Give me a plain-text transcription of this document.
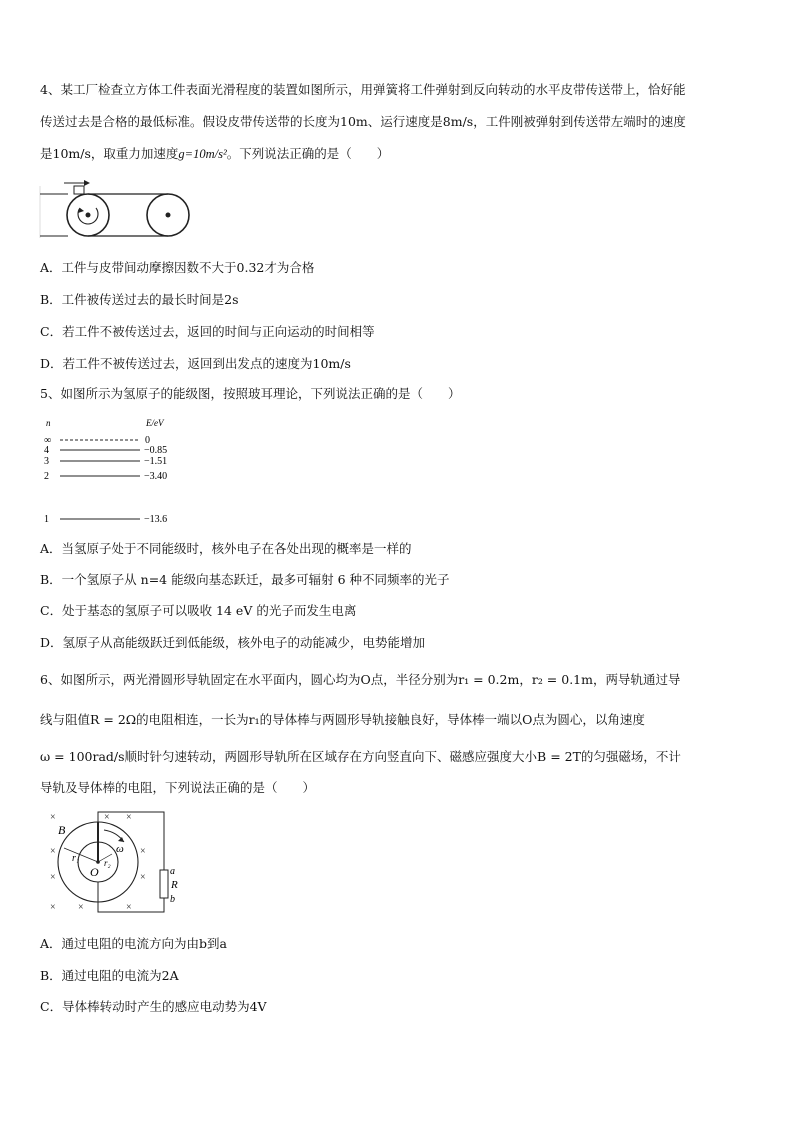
4、某工厂检查立方体工件表面光滑程度的装置如图所示，用弹簧将工件弹射到反向转动的水平皮带传送带上，恰好能
传送过去是合格的最低标准。假设皮带传送带的长度为10m、运行速度是8m/s，工件刚被弹射到传送带左端时的速度
是10m/s，取重力加速度g=10m/s²。下列说法正确的是（　　）
A．工件与皮带间动摩擦因数不大于0.32才为合格
B．工件被传送过去的最长时间是2s
C．若工件不被传送过去，返回的时间与正向运动的时间相等
D．若工件不被传送过去，返回到出发点的速度为10m/s
5、如图所示为氢原子的能级图，按照玻耳理论，下列说法正确的是（　　）
n	E/eV
∞	0
4	−0.85
3	−1.51
2	−3.40
1	−13.6
A．当氢原子处于不同能级时，核外电子在各处出现的概率是一样的
B．一个氢原子从 n=4 能级向基态跃迁，最多可辐射 6 种不同频率的光子
C．处于基态的氢原子可以吸收 14 eV 的光子而发生电离
D．氢原子从高能级跃迁到低能级，核外电子的动能减少，电势能增加
6、如图所示，两光滑圆形导轨固定在水平面内，圆心均为O点，半径分别为r₁ = 0.2m，r₂ = 0.1m，两导轨通过导
线与阻值R = 2Ω的电阻相连，一长为r₁的导体棒与两圆形导轨接触良好，导体棒一端以O点为圆心，以角速度
ω = 100rad/s顺时针匀速转动，两圆形导轨所在区域存在方向竖直向下、磁感应强度大小B = 2T的匀强磁场，不计
导轨及导体棒的电阻，下列说法正确的是（　　）
×	× ×
×	×
×	×
× ×	×
B
r₁	r₂
ω
O	a
R
b
A．通过电阻的电流方向为由b到a
B．通过电阻的电流为2A
C．导体棒转动时产生的感应电动势为4V
